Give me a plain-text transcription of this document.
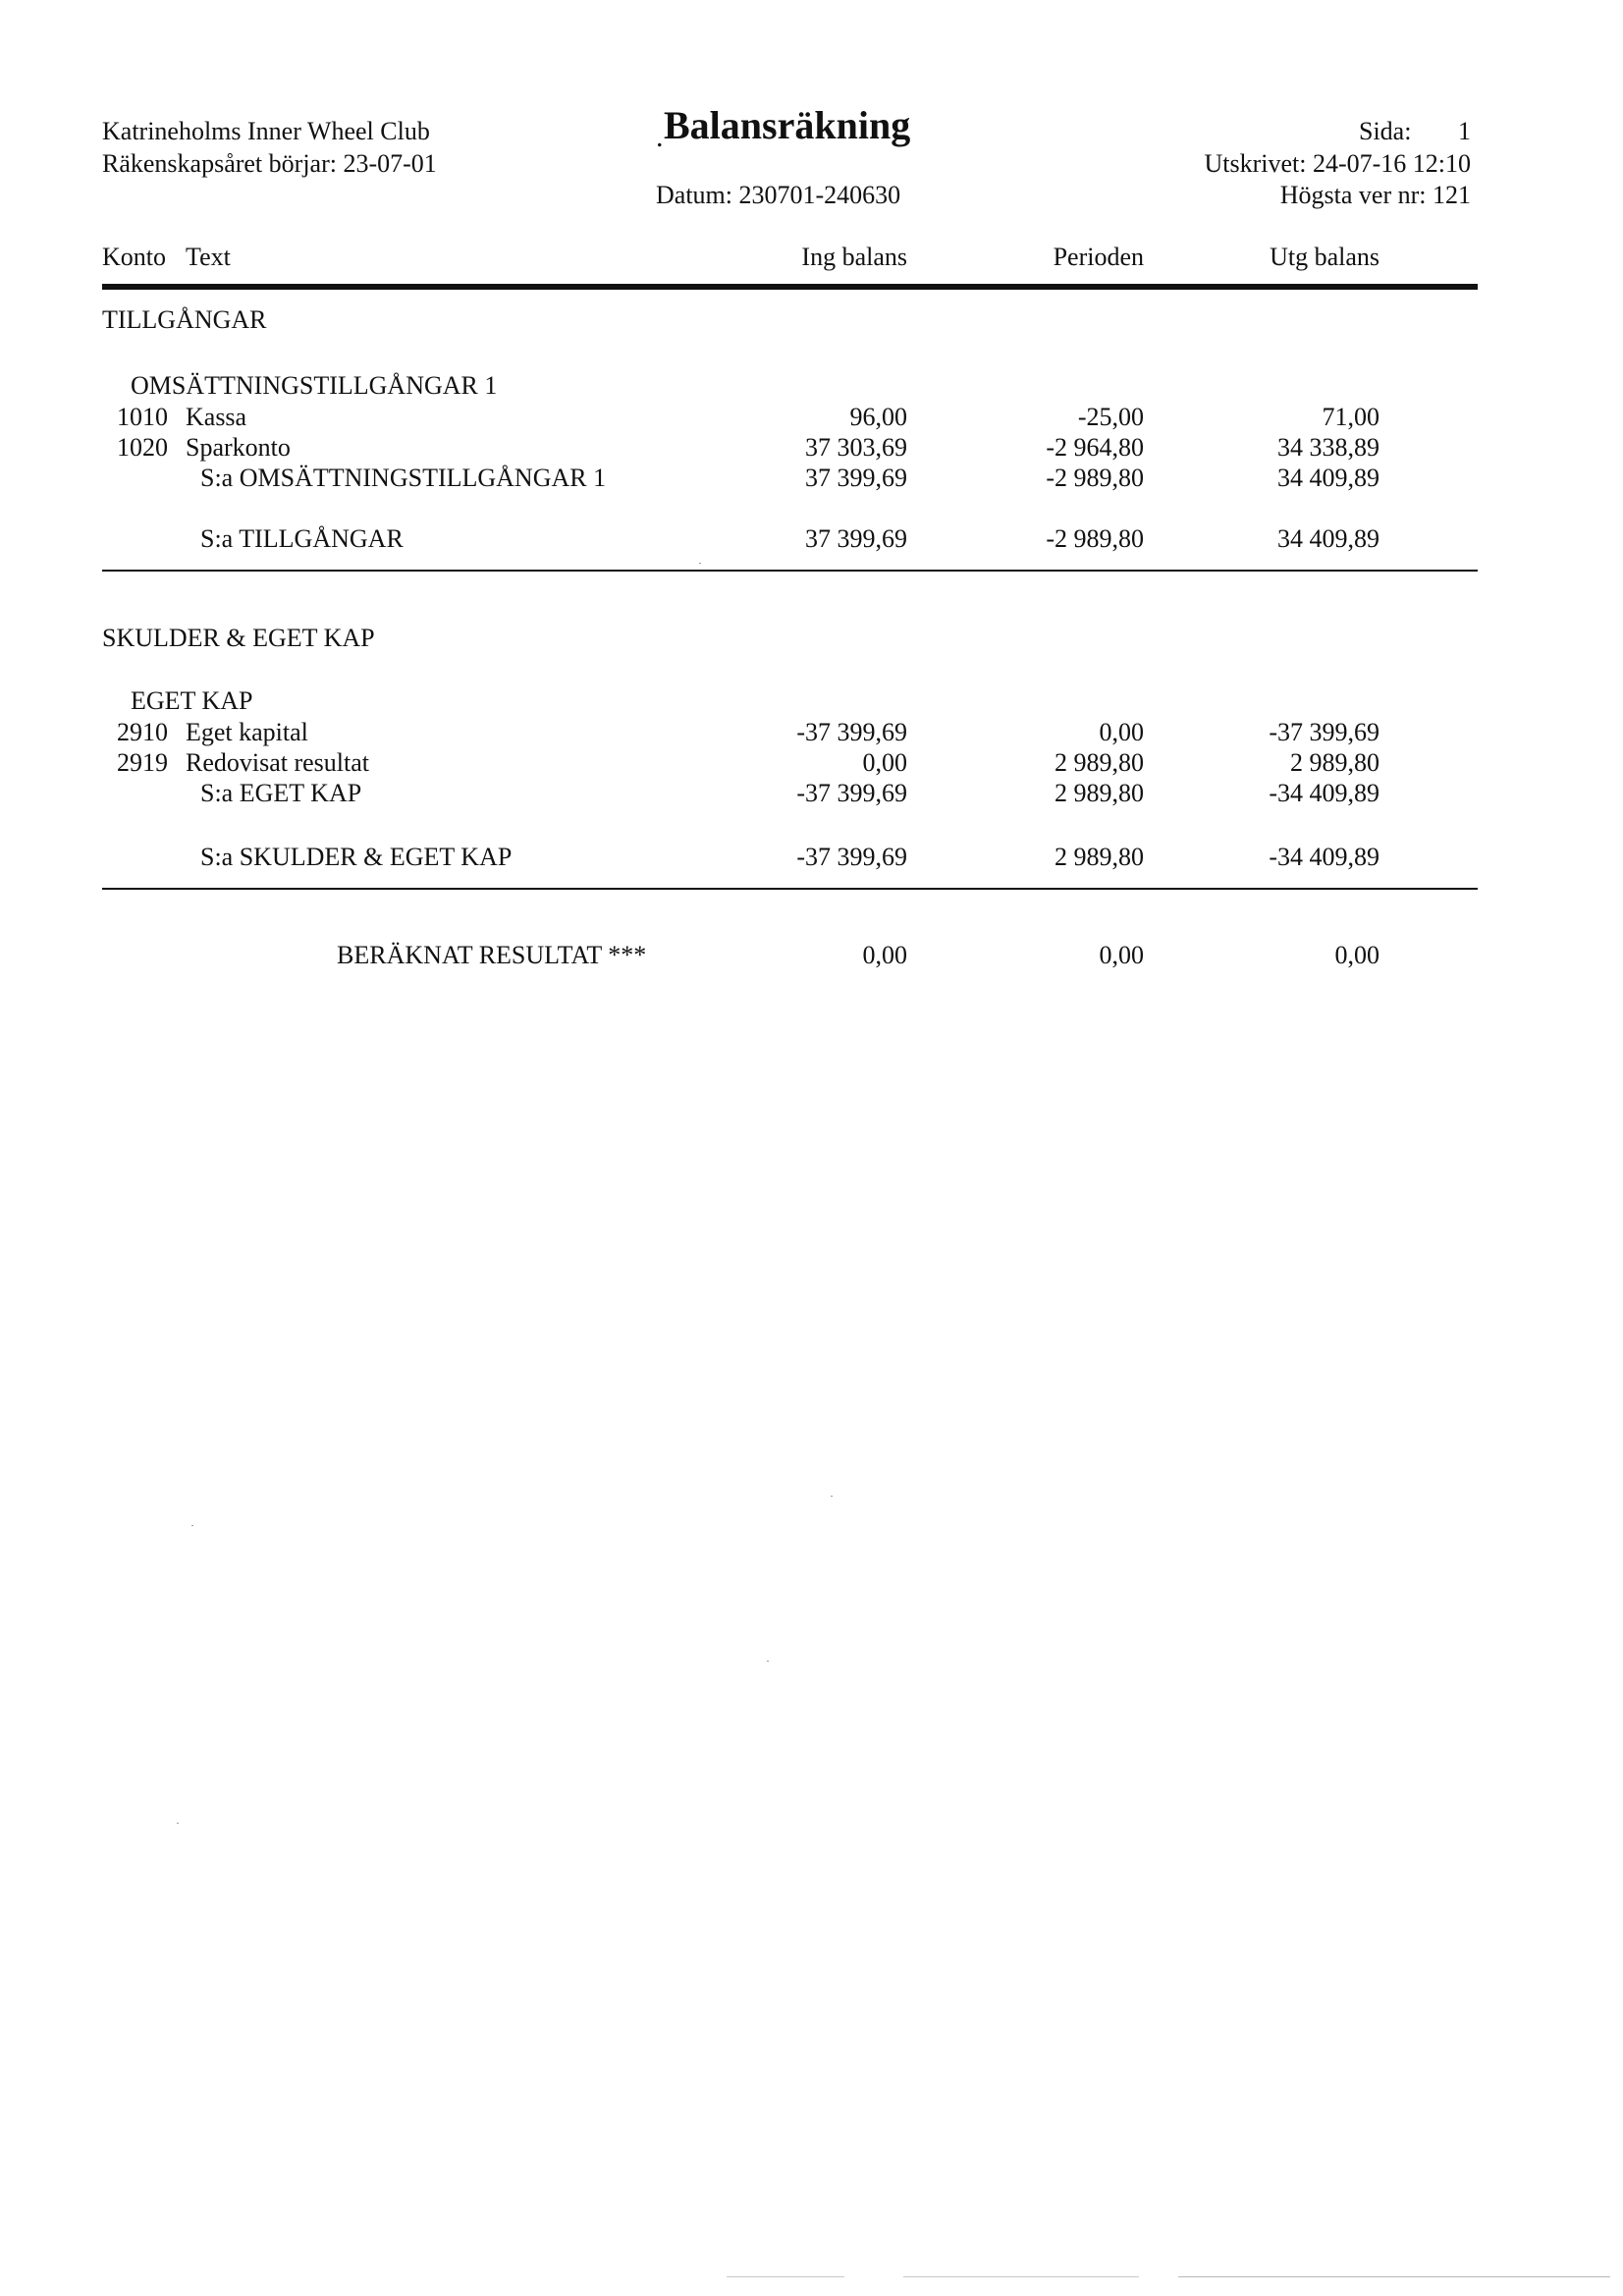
Katrineholms Inner Wheel Club
Räkenskapsåret börjar: 23-07-01
. Balansräkning
Datum: 230701-240630
Sida:	1
Utskrivet: 24-07-16 12:10
Högsta ver nr: 121
Konto Text	Ing balans	Perioden	Utg balans
TILLGÅNGAR
OMSÄTTNINGSTILLGÅNGAR 1
1010 Kassa	96,00	-25,00	71,00
1020 Sparkonto	37 303,69	-2 964,80	34 338,89
S:a OMSÄTTNINGSTILLGÅNGAR 1	37 399,69	-2 989,80	34 409,89
S:a TILLGÅNGAR	37 399,69	-2 989,80	34 409,89
SKULDER & EGET KAP
EGET KAP
2910 Eget kapital	-37 399,69	0,00	-37 399,69
2919 Redovisat resultat	0,00	2 989,80	2 989,80
S:a EGET KAP	-37 399,69	2 989,80	-34 409,89
S:a SKULDER & EGET KAP	-37 399,69	2 989,80	-34 409,89
BERÄKNAT RESULTAT ***	0,00	0,00	0,00
